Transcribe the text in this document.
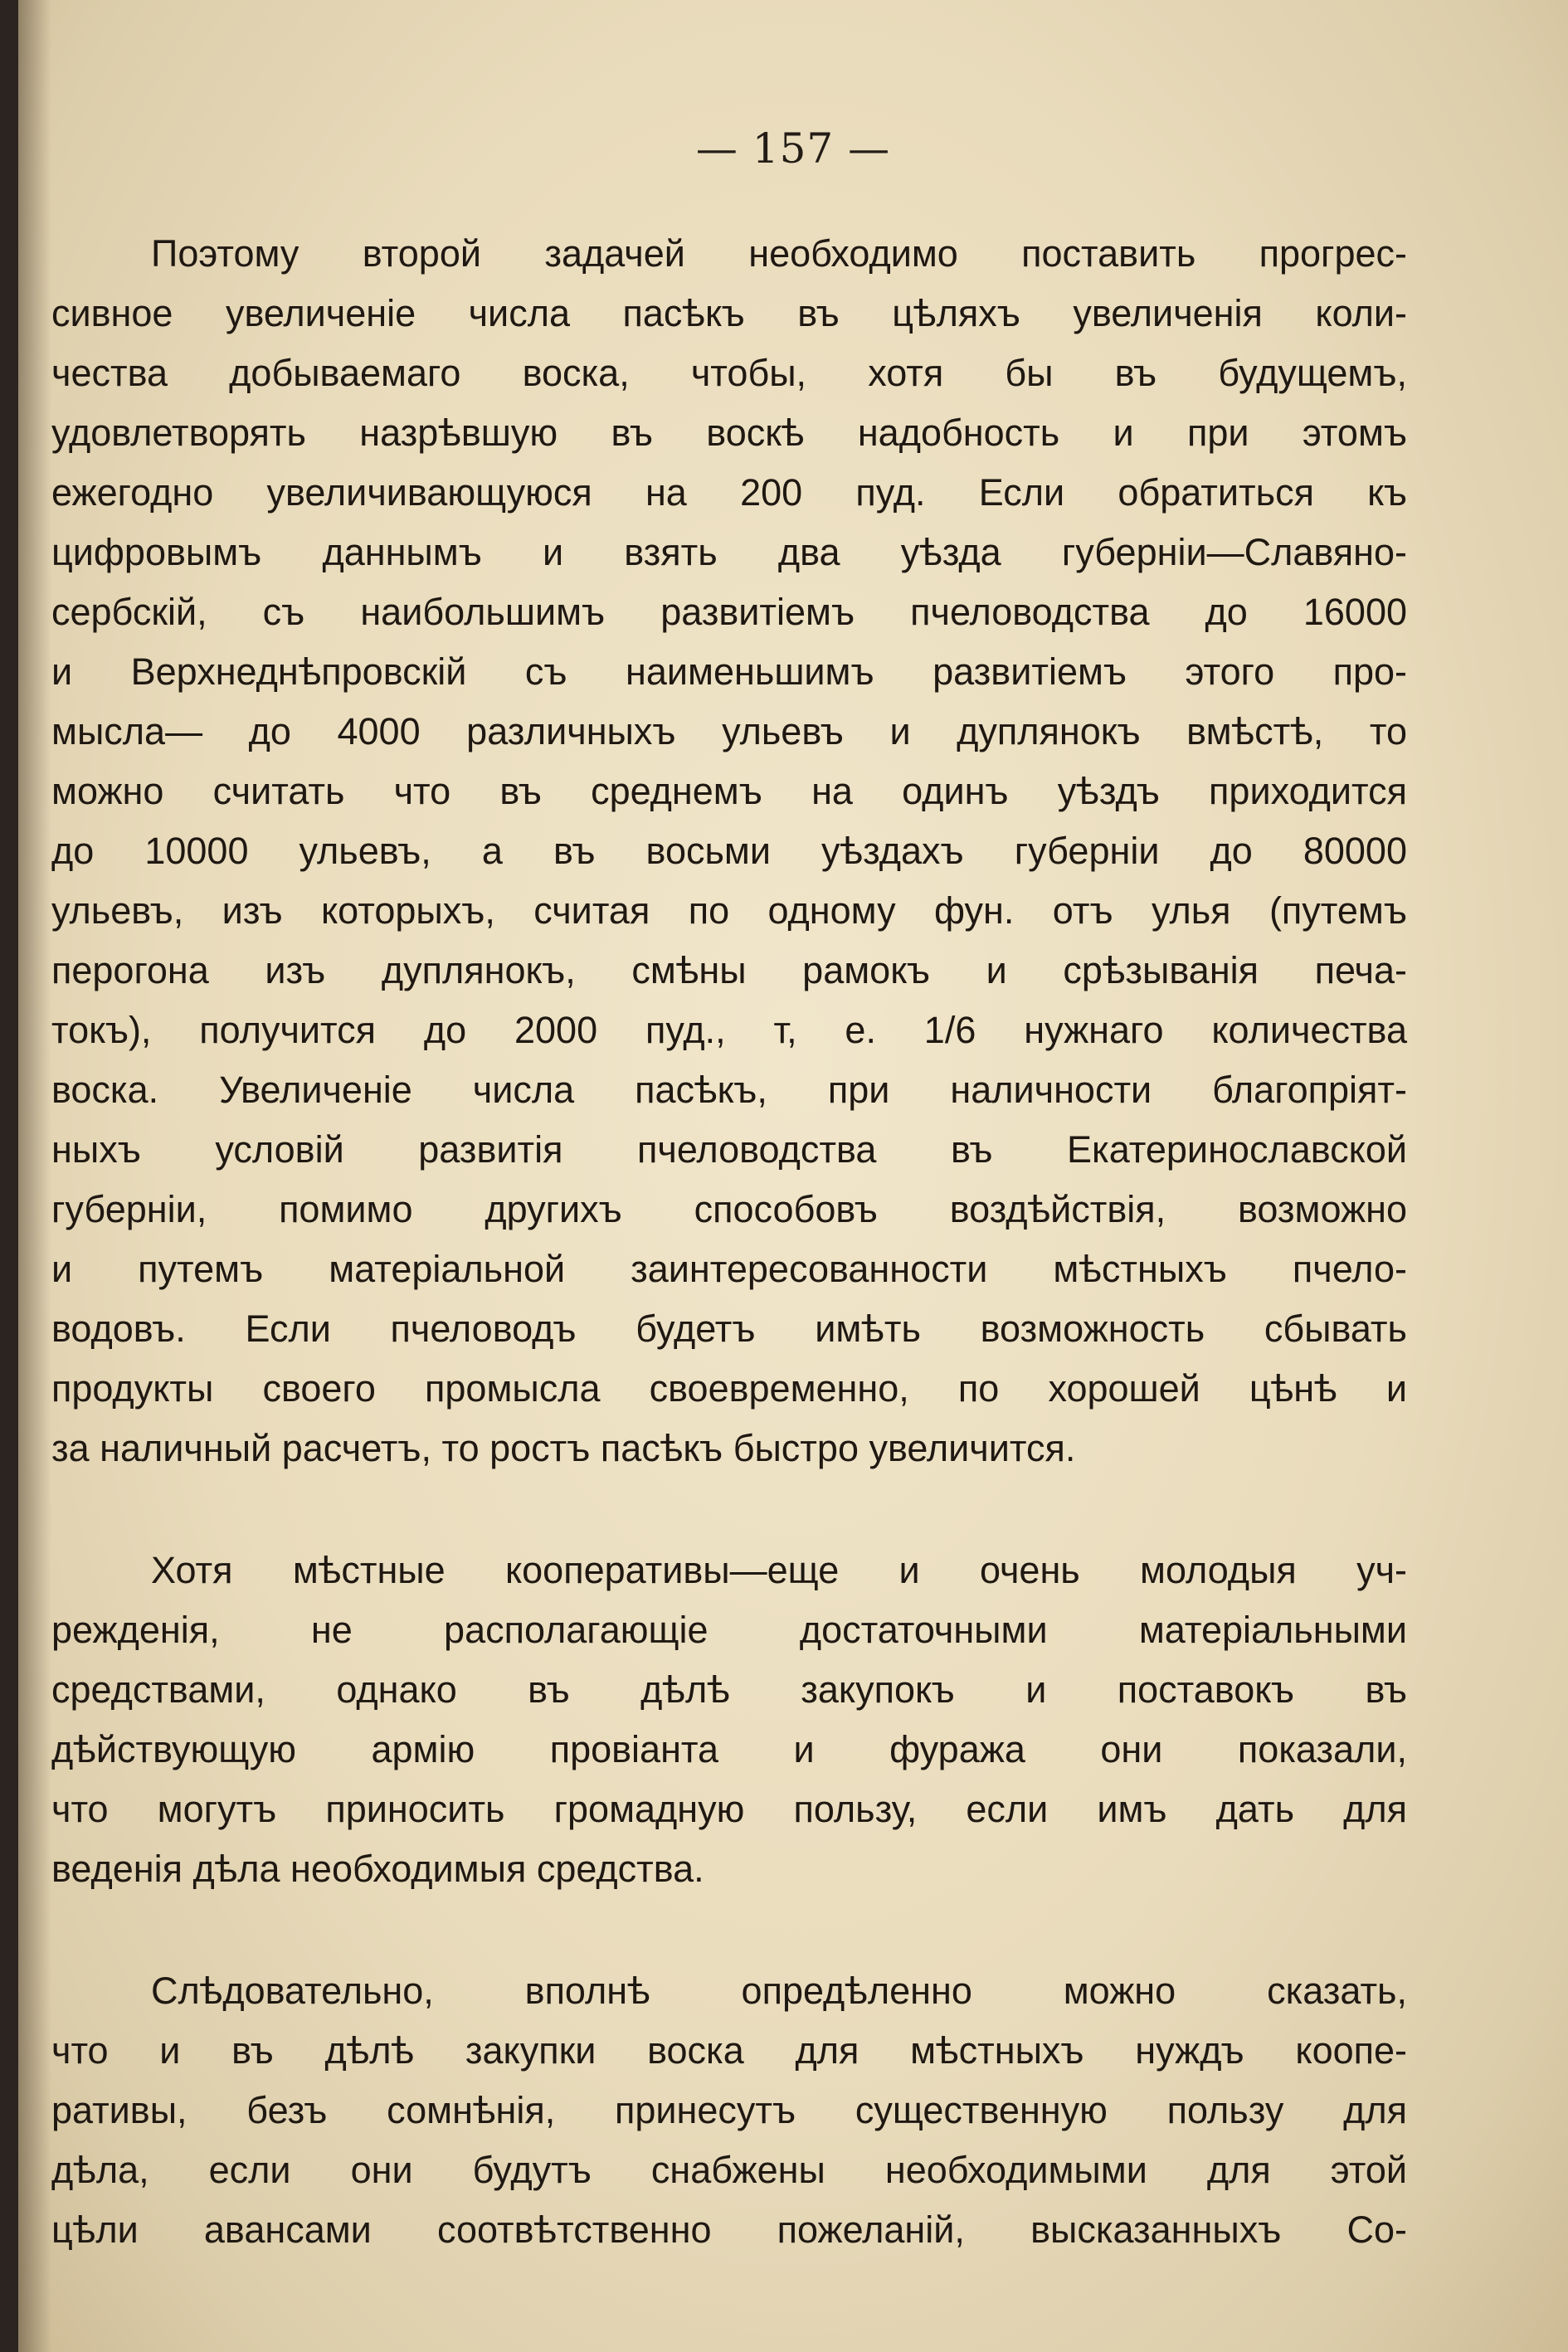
— 157 —
Поэтому второй задачей необходимо поставить прогрес-
сивное увеличеніе числа пасѣкъ въ цѣляхъ увеличенія коли-
чества добываемаго воска, чтобы, хотя бы въ будущемъ,
удовлетворять назрѣвшую въ воскѣ надобность и при этомъ
ежегодно увеличивающуюся на 200 пуд. Если обратиться къ
цифровымъ даннымъ и взять два уѣзда губерніи—Славяно-
сербскій, съ наибольшимъ развитіемъ пчеловодства до 16000
и Верхнеднѣпровскій съ наименьшимъ развитіемъ этого про-
мысла— до 4000 различныхъ ульевъ и дуплянокъ вмѣстѣ, то
можно считать что въ среднемъ на одинъ уѣздъ приходится
до 10000 ульевъ, а въ восьми уѣздахъ губерніи до 80000
ульевъ, изъ которыхъ, считая по одному фун. отъ улья (путемъ
перогона изъ дуплянокъ, смѣны рамокъ и срѣзыванія печа-
токъ), получится до 2000 пуд., т, е. 1/6 нужнаго количества
воска. Увеличеніе числа пасѣкъ, при наличности благопріят-
ныхъ условій развитія пчеловодства въ Екатеринославской
губерніи, помимо другихъ способовъ воздѣйствія, возможно
и путемъ матеріальной заинтересованности мѣстныхъ пчело-
водовъ. Если пчеловодъ будетъ имѣть возможность сбывать
продукты своего промысла своевременно, по хорошей цѣнѣ и
за наличный расчетъ, то ростъ пасѣкъ быстро увеличится.
Хотя мѣстные кооперативы—еще и очень молодыя уч-
режденія, не располагающіе достаточными матеріальными
средствами, однако въ дѣлѣ закупокъ и поставокъ въ
дѣйствующую армію провіанта и фуража они показали,
что могутъ приносить громадную пользу, если имъ дать для
веденія дѣла необходимыя средства.
Слѣдовательно, вполнѣ опредѣленно можно сказать,
что и въ дѣлѣ закупки воска для мѣстныхъ нуждъ коопе-
ративы, безъ сомнѣнія, принесутъ существенную пользу для
дѣла, если они будутъ снабжены необходимыми для этой
цѣли авансами соотвѣтственно пожеланій, высказанныхъ Со-
